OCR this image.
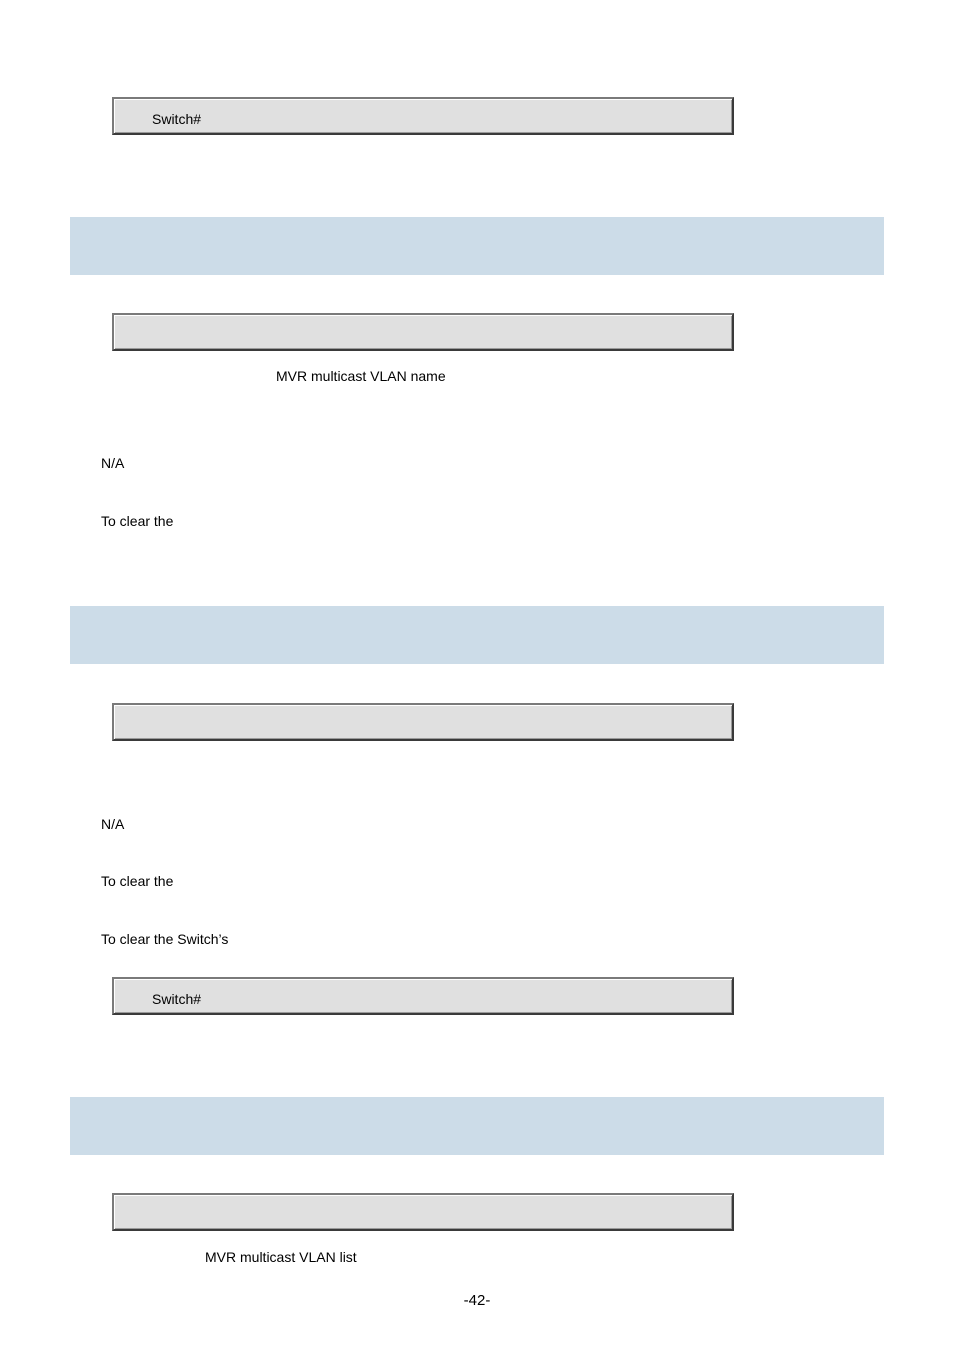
Switch#
MVR multicast VLAN name
N/A
To clear the
N/A
To clear the
To clear the Switch’s
Switch#
MVR multicast VLAN list
-42-
